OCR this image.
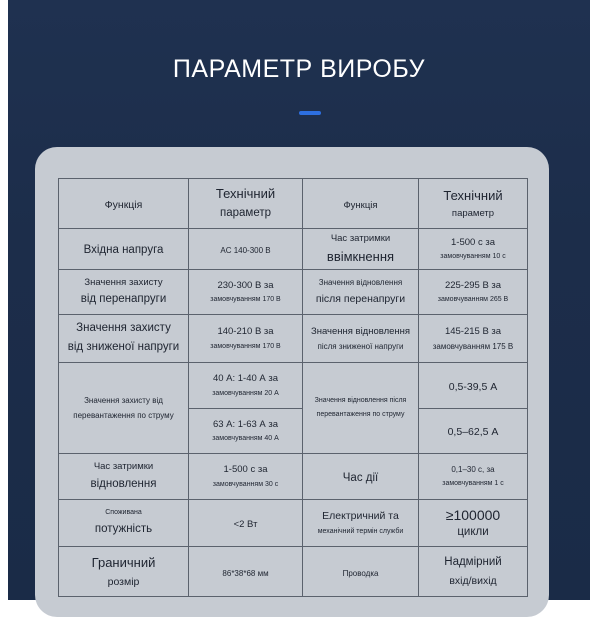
ПАРАМЕТР ВИРОБУ
Функція	Технічний
параметр	Функція	Технічний
параметр

Вхідна напруга	AC 140-300 В	Час затримки
ввімкнення	1-500 с за
замовчуванням 10 с

Значення захисту
від перенапруги	230-300 В за
замовчуванням 170 В	Значення відновлення
після перенапруги	225-295 В за
замовчуванням 265 В

Значення захисту
від зниженої напруги	140-210 В за
замовчуванням 170 В	Значення відновлення
після зниженої напруги	145-215 В за
замовчуванням 175 В

Значення захисту від
перевантаження по струму	40 А: 1-40 А за
замовчуванням 20 А	Значення відновлення після
перевантаження по струму	0,5-39,5 А

	63 А: 1-63 А за
замовчуванням 40 А		0,5–62,5 А

Час затримки
відновлення	1-500 с за
замовчуванням 30 с	Час дії	0,1–30 с, за
замовчуванням 1 с

Споживана
потужність	<2 Вт	Електричний та
механічний термін служби	≥100000
цикли

Граничний
розмір	86*38*68 мм	Проводка	Надмірний
вхід/вихід
